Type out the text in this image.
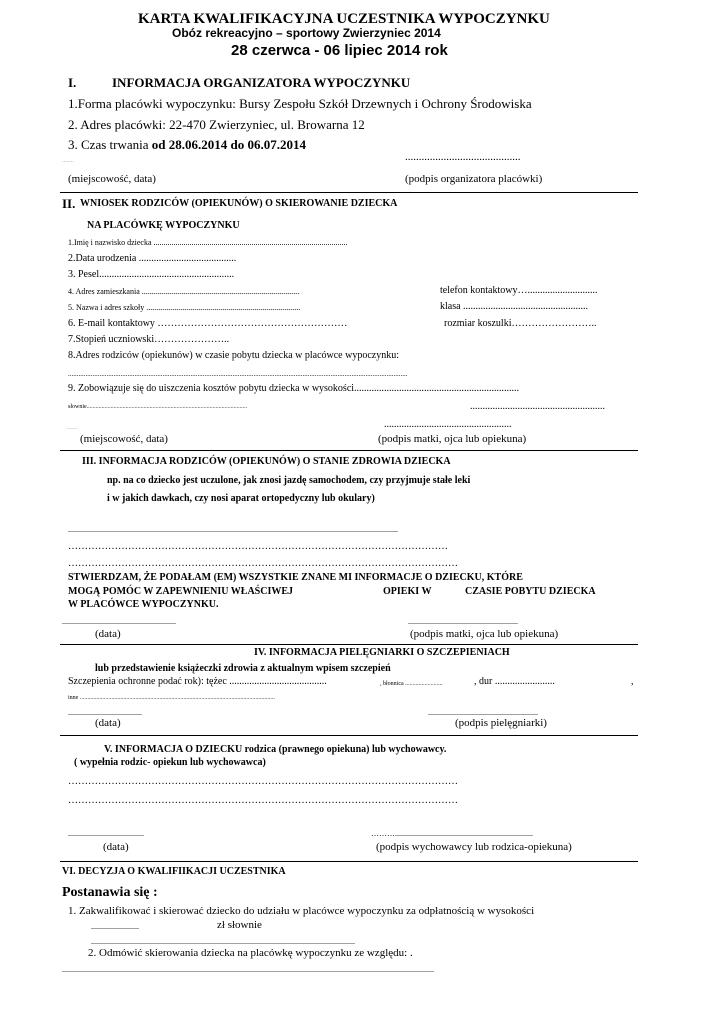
KARTA KWALIFIKACYJNA UCZESTNIKA WYPOCZYNKU
Obóz rekreacyjno – sportowy Zwierzyniec 2014
28 czerwca - 06 lipiec 2014 rok
I.	INFORMACJA ORGANIZATORA WYPOCZYNKU
1.Forma placówki wypoczynku: Bursy Zespołu Szkół Drzewnych i Ochrony Środowiska
2. Adres placówki: 22-470 Zwierzyniec, ul. Browarna 12
3. Czas trwania od 28.06.2014 do 06.07.2014
........	..........................................
(miejscowość, data)	(podpis organizatora placówki)
II. WNIOSEK RODZICÓW (OPIEKUNÓW) O SKIEROWANIE DZIECKA
NA PLACÓWKĘ WYPOCZYNKU
1.Imię i nazwisko dziecka .................................................................................................
2.Data urodzenia .......................................
3. Pesel......................................................
4. Adres zamieszkania ...............................................................................	telefon kontaktowy…............................
5. Nazwa i adres szkoły .............................................................................	klasa ..................................................
6. E-mail kontaktowy …………………………………………………	rozmiar koszulki……………………..
7.Stopień uczniowski…………………..
8.Adres rodziców (opiekunów) w czasie pobytu dziecka w placówce wypoczynku:
..................................................................................................................................................................................................
9. Zobowiązuje się do uiszczenia kosztów pobytu dziecka w wysokości..................................................................
słownie...........................................................................................................	......................................................
........	...................................................
(miejscowość, data)	(podpis matki, ojca lub opiekuna)
III. INFORMACJA RODZICÓW (OPIEKUNÓW) O STANIE ZDROWIA DZIECKA
np. na co dziecko jest uczulone, jak znosi jazdę samochodem, czy przyjmuje stałe leki
i w jakich dawkach, czy nosi aparat ortopedyczny lub okulary)
.....................................................................................................................................................................
……………………………………………………………………………………………………
………………………………………………………………………………………………………
STWIERDZAM, ŻE PODAŁAM (EM) WSZYSTKIE ZNANE MI INFORMACJE O DZIECKU, KTÓRE
MOGĄ POMÓC W ZAPEWNIENIU WŁAŚCIWEJ	OPIEKI W	CZASIE POBYTU DZIECKA
W PLACÓWCE WYPOCZYNKU.
.........................................................	.......................................................
(data)	(podpis matki, ojca lub opiekuna)
IV. INFORMACJA PIELĘGNIARKI O SZCZEPIENIACH
lub przedstawienie książeczki zdrowia z aktualnym wpisem szczepień
Szczepienia ochronne podać rok): tężec .......................................	, błonnica .........................	, dur ........................	,
inne ..................................................................................................................................
.....................................	.......................................................
(data)	(podpis pielęgniarki)
V. INFORMACJA O DZIECKU rodzica (prawnego opiekuna) lub wychowawcy.
( wypełnia rodzic- opiekun lub wychowawca)
………………………………………………………………………………………………………
………………………………………………………………………………………………………
......................................	……….....................................................................
(data)	(podpis wychowawcy lub rodzica-opiekuna)
VI. DECYZJA O KWALIFIIKACJI UCZESTNIKA
Postanawia się :
1. Zakwalifikować i skierować dziecko do udziału w placówce wypoczynku za odpłatnością w wysokości
........................	zł słownie
....................................................................................................................................
2. Odmówić skierowania dziecka na placówkę wypoczynku ze względu: .
..........................................................................................................................................................................................
